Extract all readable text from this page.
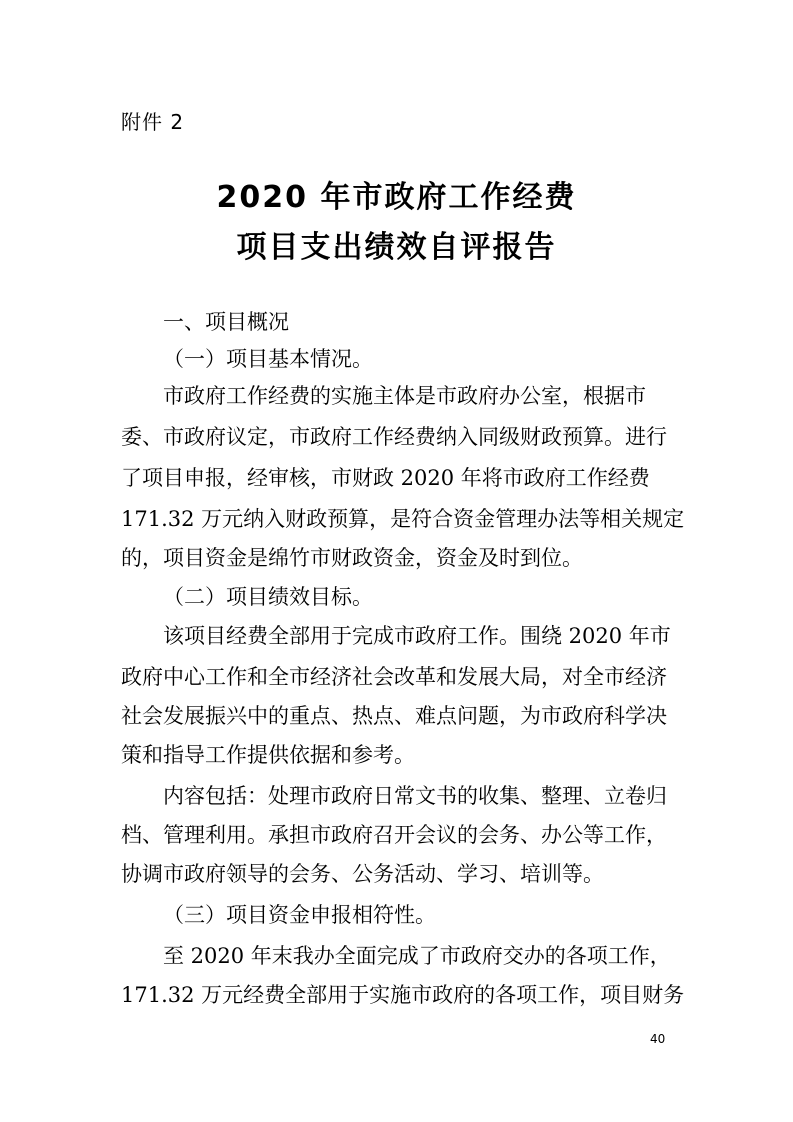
附件 2
2020 年市政府工作经费
项目支出绩效自评报告
一、项目概况
（一）项目基本情况。
市政府工作经费的实施主体是市政府办公室，根据市
委、市政府议定，市政府工作经费纳入同级财政预算。进行
了项目申报，经审核，市财政 2020 年将市政府工作经费
171.32 万元纳入财政预算，是符合资金管理办法等相关规定
的，项目资金是绵竹市财政资金，资金及时到位。
（二）项目绩效目标。
该项目经费全部用于完成市政府工作。围绕 2020 年市
政府中心工作和全市经济社会改革和发展大局，对全市经济
社会发展振兴中的重点、热点、难点问题，为市政府科学决
策和指导工作提供依据和参考。
内容包括：处理市政府日常文书的收集、整理、立卷归
档、管理利用。承担市政府召开会议的会务、办公等工作，
协调市政府领导的会务、公务活动、学习、培训等。
（三）项目资金申报相符性。
至 2020 年末我办全面完成了市政府交办的各项工作，
171.32 万元经费全部用于实施市政府的各项工作，项目财务
40
